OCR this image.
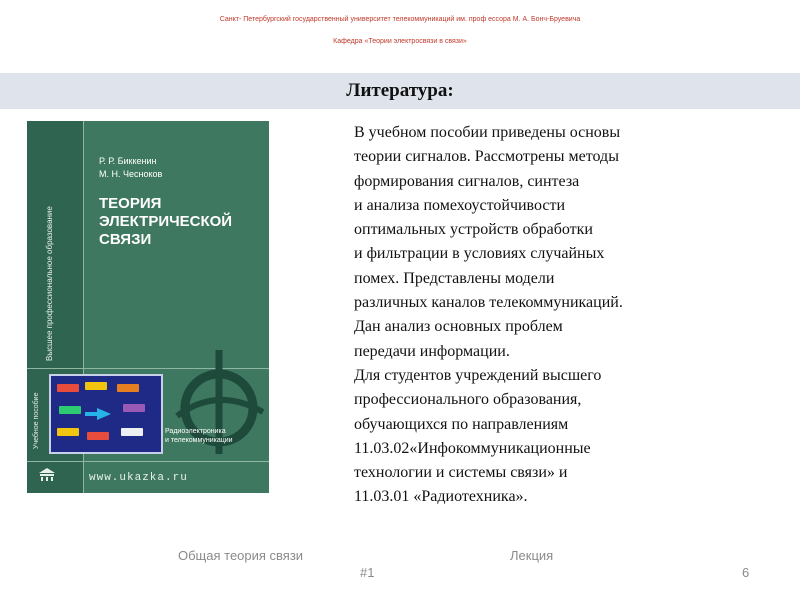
Санкт- Петербургский государственный университет телекоммуникаций им. проф ессора М. А. Бонч-Бруевича
Кафедра «Теории электросвязи в связи»
Литература:
Высшее профессиональное образование
Учебное пособие
Р. Р. Биккенин
М. Н. Чесноков
ТЕОРИЯ
ЭЛЕКТРИЧЕСКОЙ
СВЯЗИ
Радиоэлектроника
и телекоммуникации
www.ukazka.ru

В учебном пособии приведены основы

теории сигналов. Рассмотрены методы

формирования сигналов, синтеза

и анализа помехоустойчивости

оптимальных устройств обработки

и фильтрации в условиях случайных

помех. Представлены модели

различных каналов телекоммуникаций.

Дан анализ основных проблем

передачи информации.

Для студентов учреждений высшего

профессионального образования,

обучающихся по направлениям

11.03.02«Инфокоммуникационные

технологии и системы связи» и

11.03.01 «Радиотехника».

Общая теория связи	Лекция
#1	6
